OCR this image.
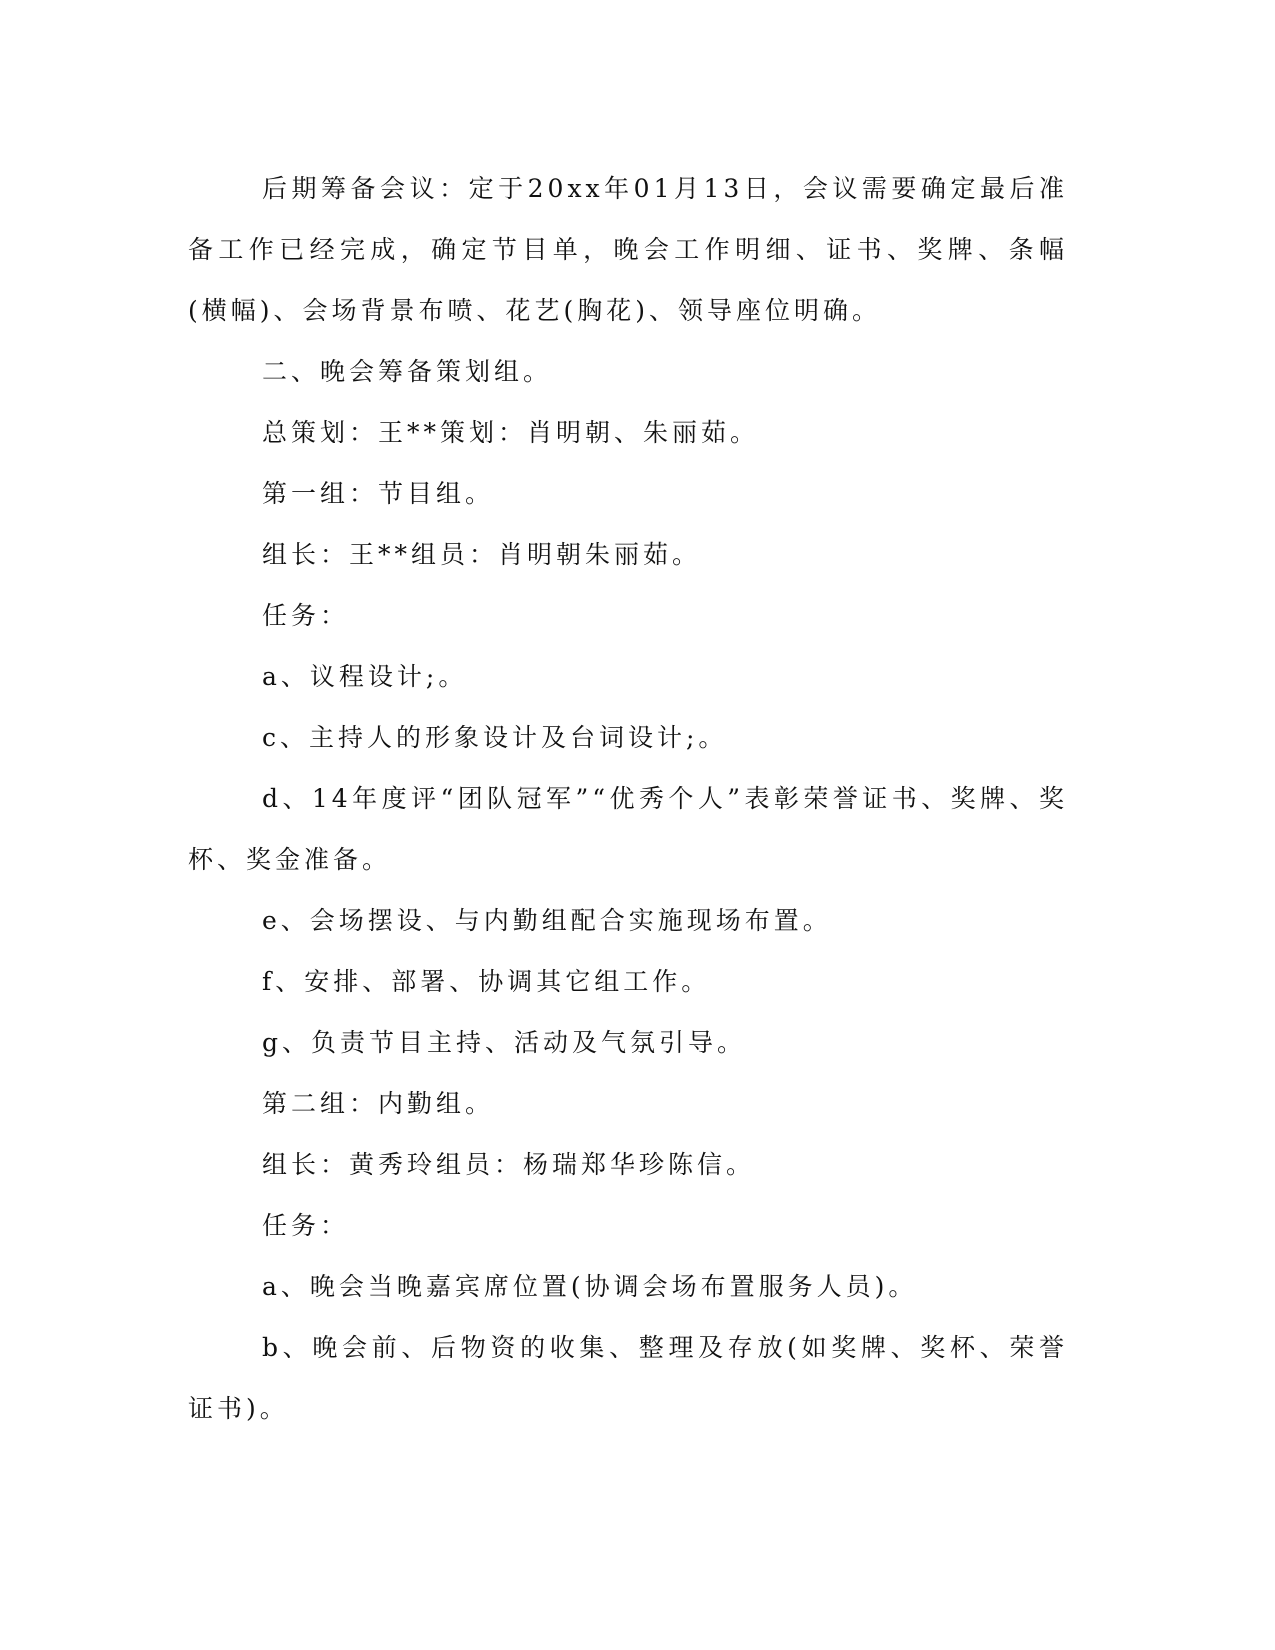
后期筹备会议：定于20xx年01月13日，会议需要确定最后准备工作已经完成，确定节目单，晚会工作明细、证书、奖牌、条幅(横幅)、会场背景布喷、花艺(胸花)、领导座位明确。

二、晚会筹备策划组。

总策划：王**策划：肖明朝、朱丽茹。

第一组：节目组。

组长：王**组员：肖明朝朱丽茹。

任务：

a、议程设计;。

c、主持人的形象设计及台词设计;。

d、14年度评“团队冠军”“优秀个人”表彰荣誉证书、奖牌、奖杯、奖金准备。

e、会场摆设、与内勤组配合实施现场布置。

f、安排、部署、协调其它组工作。

g、负责节目主持、活动及气氛引导。

第二组：内勤组。

组长：黄秀玲组员：杨瑞郑华珍陈信。

任务：

a、晚会当晚嘉宾席位置(协调会场布置服务人员)。

b、晚会前、后物资的收集、整理及存放(如奖牌、奖杯、荣誉证书)。
